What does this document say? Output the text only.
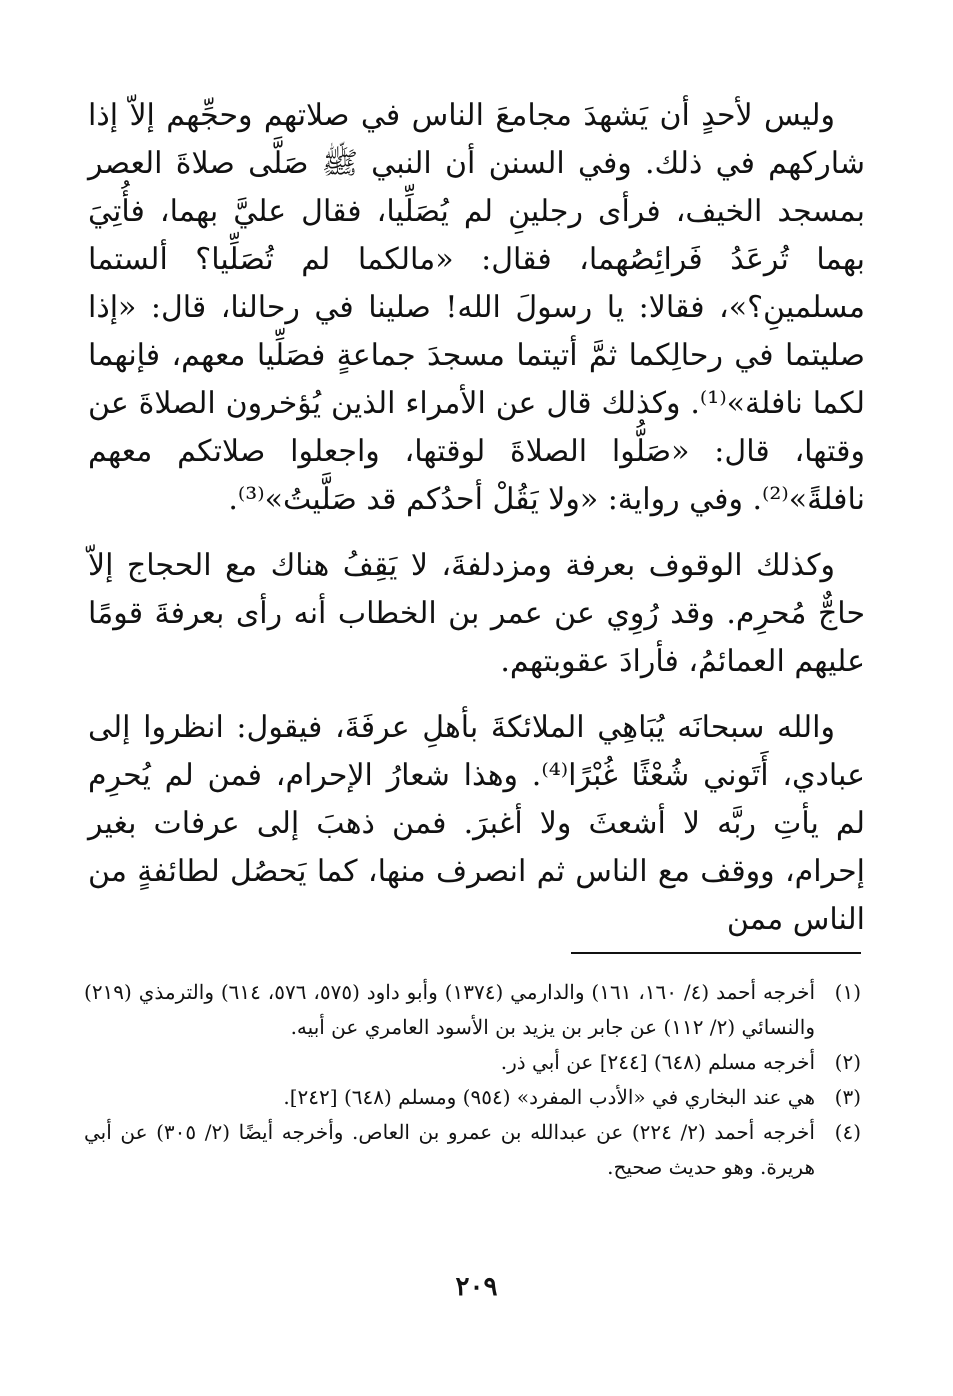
وليس لأحدٍ أن يَشهدَ مجامعَ الناس في صلاتهم وحجِّهم إلاّ إذا شاركهم في ذلك. وفي السنن أن النبي ﷺ صَلَّى صلاةَ العصر بمسجد الخيف، فرأى رجلينِ لم يُصَلِّيا، فقال عليَّ بهما، فأُتِيَ بهما تُرعَدُ فَرائِصُهما، فقال: «مالكما لم تُصَلِّيا؟ ألستما مسلمينِ؟»، فقالا: يا رسولَ الله! صلينا في رحالنا، قال: «إذا صليتما في رحالِكما ثمَّ أتيتما مسجدَ جماعةٍ فصَلِّيا معهم، فإنهما لكما نافلة»⁽¹⁾. وكذلك قال عن الأمراء الذين يُؤخرون الصلاةَ عن وقتها، قال: «صَلُّوا الصلاةَ لوقتها، واجعلوا صلاتكم معهم نافلةً»⁽²⁾. وفي رواية: «ولا يَقُلْ أحدُكم قد صَلَّيتُ»⁽³⁾.

وكذلك الوقوف بعرفة ومزدلفةَ، لا يَقِفُ هناك مع الحجاج إلاّ حاجٌّ مُحرِم. وقد رُوِي عن عمر بن الخطاب أنه رأى بعرفةَ قومًا عليهم العمائمُ، فأرادَ عقوبتهم.

والله سبحانَه يُبَاهِي الملائكةَ بأهلِ عرفَةَ، فيقول: انظروا إلى عبادي، أَتَوني شُعْثًا غُبْرًا⁽⁴⁾. وهذا شعارُ الإحرام، فمن لم يُحرِم لم يأتِ ربَّه لا أشعثَ ولا أغبرَ. فمن ذهبَ إلى عرفات بغير إحرام، ووقف مع الناس ثم انصرف منها، كما يَحصُل لطائفةٍ من الناس ممن

(١)
أخرجه أحمد (٤/ ١٦٠، ١٦١) والدارمي (١٣٧٤) وأبو داود (٥٧٥، ٥٧٦، ٦١٤) والترمذي (٢١٩) والنسائي (٢/ ١١٢) عن جابر بن يزيد بن الأسود العامري عن أبيه.
(٢)
أخرجه مسلم (٦٤٨) [٢٤٤] عن أبي ذر.
(٣)
هي عند البخاري في «الأدب المفرد» (٩٥٤) ومسلم (٦٤٨) [٢٤٢].
(٤)
أخرجه أحمد (٢/ ٢٢٤) عن عبدالله بن عمرو بن العاص. وأخرجه أيضًا (٢/ ٣٠٥) عن أبي هريرة. وهو حديث صحيح.
٢٠٩
